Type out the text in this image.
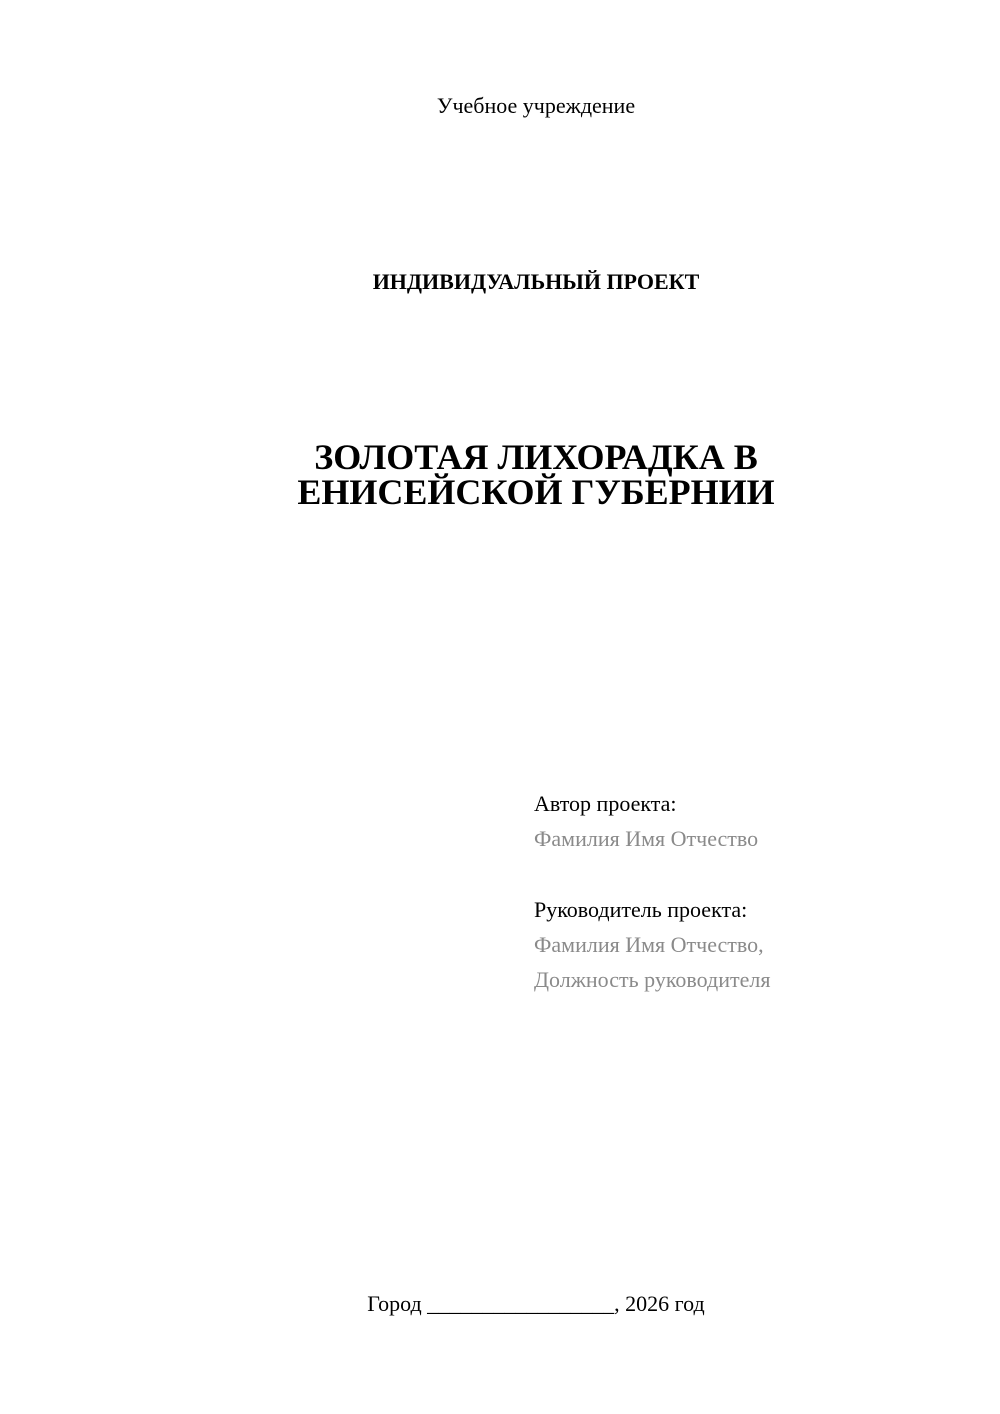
Учебное учреждение
ИНДИВИДУАЛЬНЫЙ ПРОЕКТ
ЗОЛОТАЯ ЛИХОРАДКА В
ЕНИСЕЙСКОЙ ГУБЕРНИИ
Автор проекта:
Фамилия Имя Отчество
Руководитель проекта:
Фамилия Имя Отчество,
Должность руководителя
Город _________________, 2026 год
